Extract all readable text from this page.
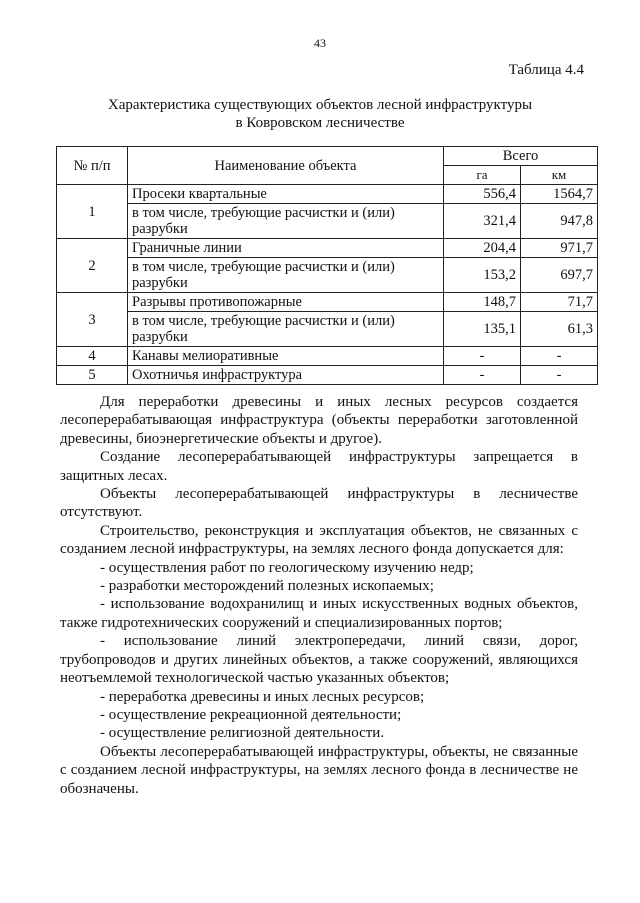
43
Таблица 4.4
Характеристика существующих объектов лесной инфраструктуры
в Ковровском лесничестве
№ п/п	Наименование объекта	Всего	
		га	км
1	Просеки квартальные	556,4	1564,7
	в том числе, требующие расчистки и (или) разрубки	321,4	947,8
2	Граничные линии	204,4	971,7
	в том числе, требующие расчистки и (или) разрубки	153,2	697,7
3	Разрывы противопожарные	148,7	71,7
	в том числе, требующие расчистки и (или) разрубки	135,1	61,3
4	Канавы мелиоративные	-	-
5	Охотничья инфраструктура	-	-

Для переработки древесины и иных лесных ресурсов создается лесоперерабатывающая инфраструктура (объекты переработки заготовленной древесины, биоэнергетические объекты и другое).

Создание лесоперерабатывающей инфраструктуры запрещается в защитных лесах.

Объекты лесоперерабатывающей инфраструктуры в лесничестве отсутствуют.

Строительство, реконструкция и эксплуатация объектов, не связанных с созданием лесной инфраструктуры, на землях лесного фонда допускается для:

- осуществления работ по геологическому изучению недр;

- разработки месторождений полезных ископаемых;

- использование водохранилищ и иных искусственных водных объектов, также гидротехнических сооружений и специализированных портов;

- использование линий электропередачи, линий связи, дорог, трубопроводов и других линейных объектов, а также сооружений, являющихся неотъемлемой технологической частью указанных объектов;

- переработка древесины и иных лесных ресурсов;

- осуществление рекреационной деятельности;

- осуществление религиозной деятельности.

Объекты лесоперерабатывающей инфраструктуры, объекты, не связанные с созданием лесной инфраструктуры, на землях лесного фонда в лесничестве не обозначены.
